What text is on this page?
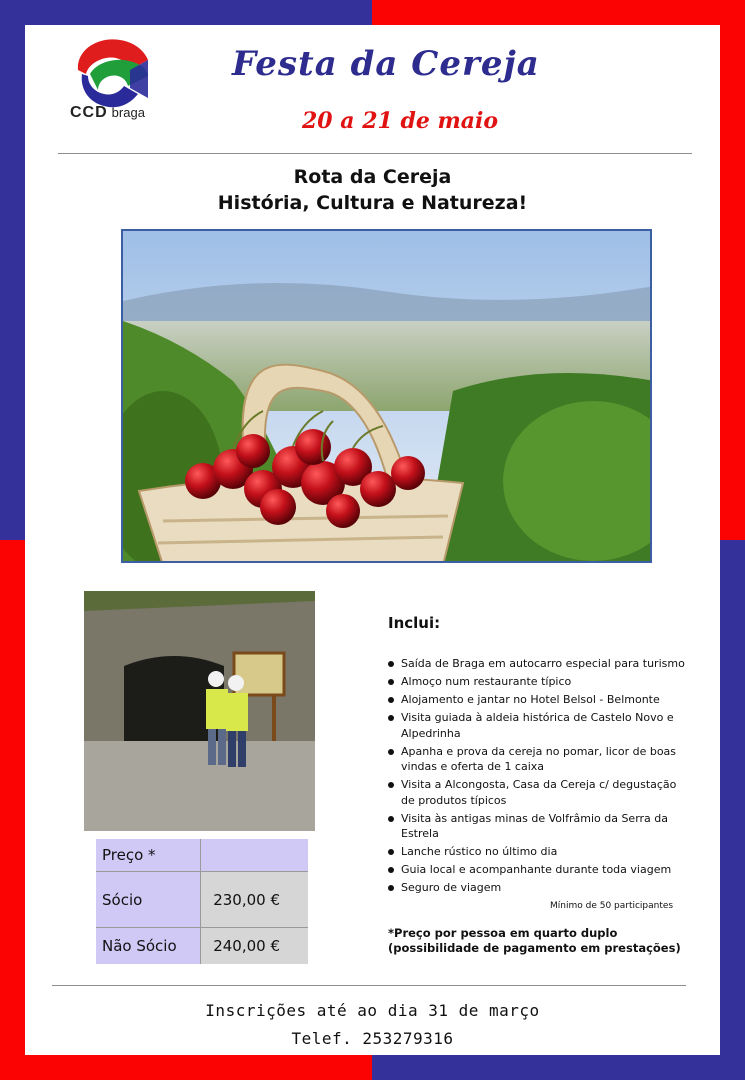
CCD braga
Festa da Cereja
20 a 21 de maio
Rota da Cereja
História, Cultura e Natureza!
Preço *	
Sócio	230,00 €
Não Sócio	240,00 €
Inclui:
Saída de Braga em autocarro especial para turismo
Almoço num restaurante típico
Alojamento e jantar no Hotel Belsol - Belmonte
Visita guiada à aldeia histórica de Castelo Novo e Alpedrinha
Apanha e prova da cereja no pomar, licor de boas vindas e oferta de 1 caixa
Visita a Alcongosta, Casa da Cereja c/ degustação de produtos típicos
Visita às antigas minas de Volfrâmio da Serra da Estrela
Lanche rústico no último dia
Guia local e acompanhante durante toda viagem
Seguro de viagem
Mínimo de 50 participantes
*Preço por pessoa em quarto duplo
(possibilidade de pagamento em prestações)
Inscrições até ao dia 31 de março
Telef. 253279316
